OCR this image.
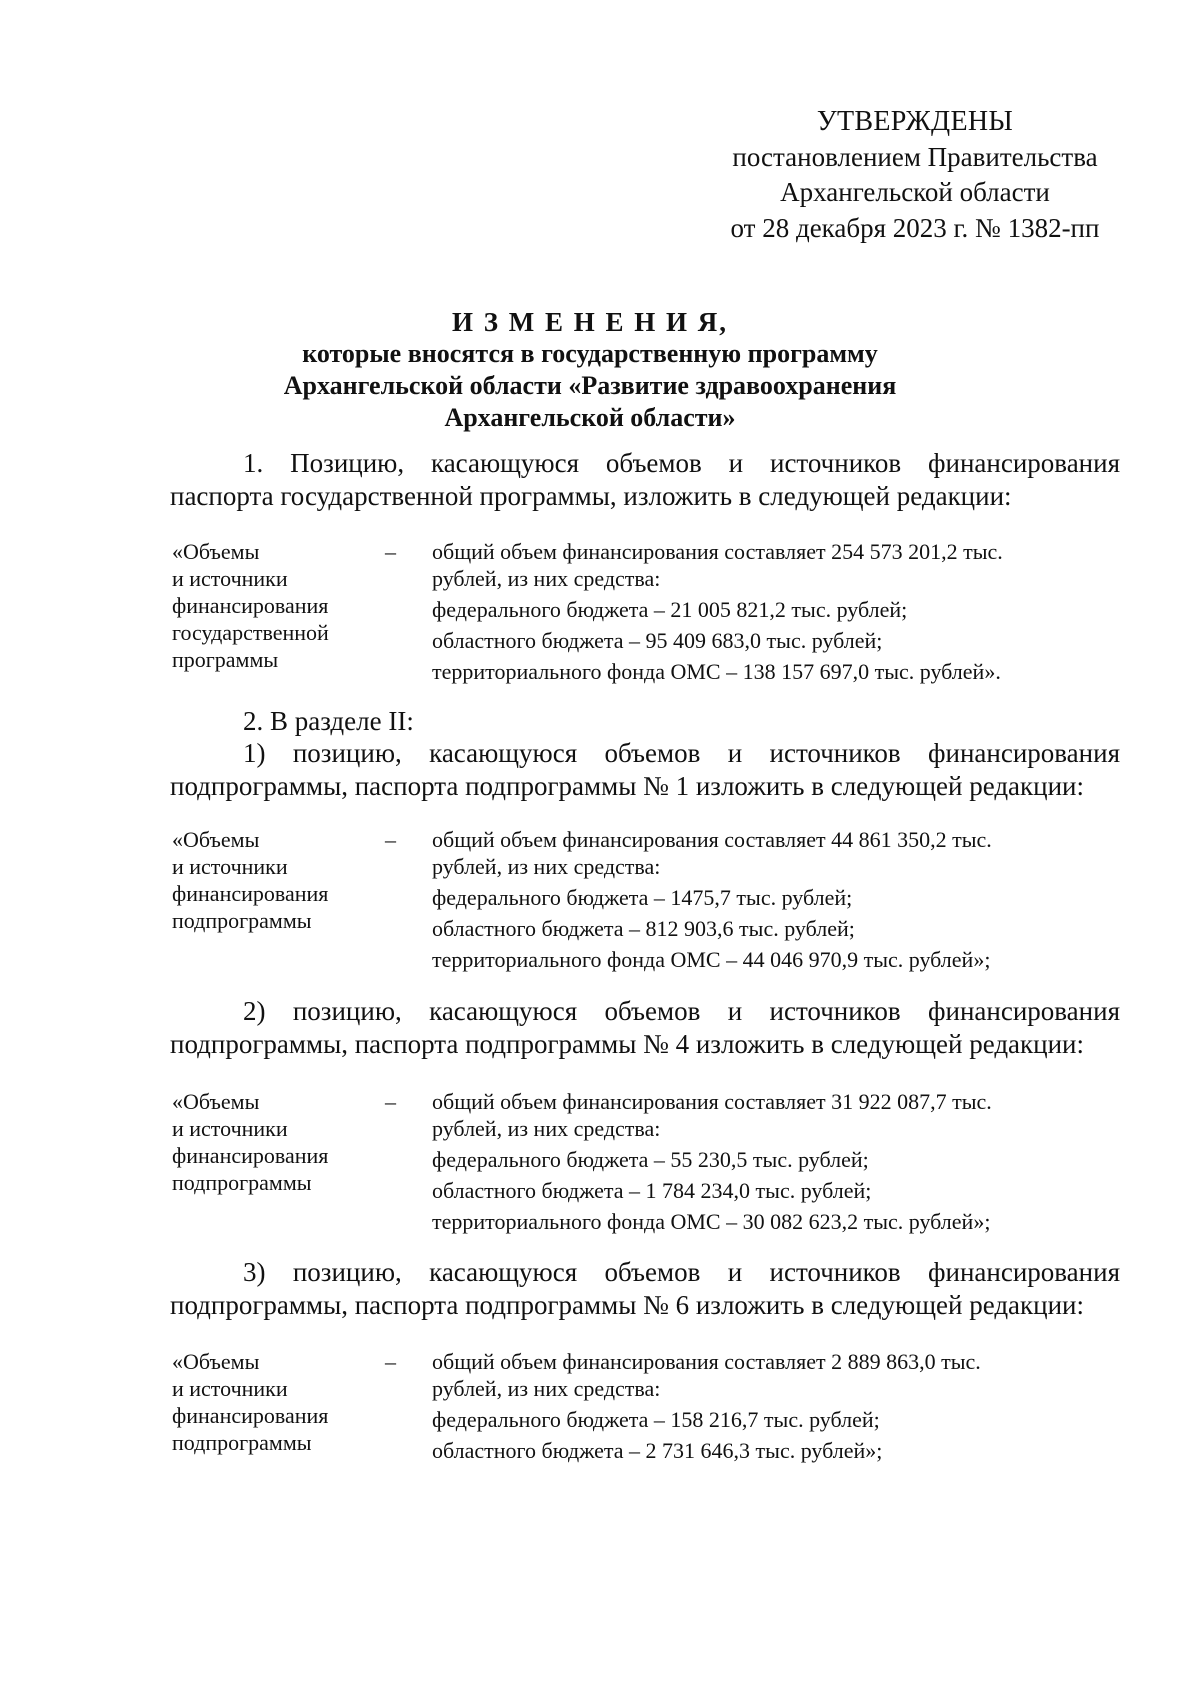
УТВЕРЖДЕНЫ
постановлением Правительства
Архангельской области
от 28 декабря 2023 г. № 1382-пп
И З М Е Н Е Н И Я,
которые вносятся в государственную программу
Архангельской области «Развитие здравоохранения
Архангельской области»
1. Позицию, касающуюся объемов и источников финансирования
паспорта государственной программы, изложить в следующей редакции:
«Объемы
и источники
финансирования
государственной
программы
– общий объем финансирования составляет 254 573 201,2 тыс.
рублей, из них средства:
федерального бюджета – 21 005 821,2 тыс. рублей;
областного бюджета – 95 409 683,0 тыс. рублей;
территориального фонда ОМС – 138 157 697,0 тыс. рублей».
2. В разделе II:
1) позицию, касающуюся объемов и источников финансирования
подпрограммы, паспорта подпрограммы № 1 изложить в следующей редакции:
«Объемы
и источники
финансирования
подпрограммы
– общий объем финансирования составляет 44 861 350,2 тыс.
рублей, из них средства:
федерального бюджета – 1475,7 тыс. рублей;
областного бюджета – 812 903,6 тыс. рублей;
территориального фонда ОМС – 44 046 970,9 тыс. рублей»;
2) позицию, касающуюся объемов и источников финансирования
подпрограммы, паспорта подпрограммы № 4 изложить в следующей редакции:
«Объемы
и источники
финансирования
подпрограммы
– общий объем финансирования составляет 31 922 087,7 тыс.
рублей, из них средства:
федерального бюджета – 55 230,5 тыс. рублей;
областного бюджета – 1 784 234,0 тыс. рублей;
территориального фонда ОМС – 30 082 623,2 тыс. рублей»;
3) позицию, касающуюся объемов и источников финансирования
подпрограммы, паспорта подпрограммы № 6 изложить в следующей редакции:
«Объемы
и источники
финансирования
подпрограммы
– общий объем финансирования составляет 2 889 863,0 тыс.
рублей, из них средства:
федерального бюджета – 158 216,7 тыс. рублей;
областного бюджета – 2 731 646,3 тыс. рублей»;
